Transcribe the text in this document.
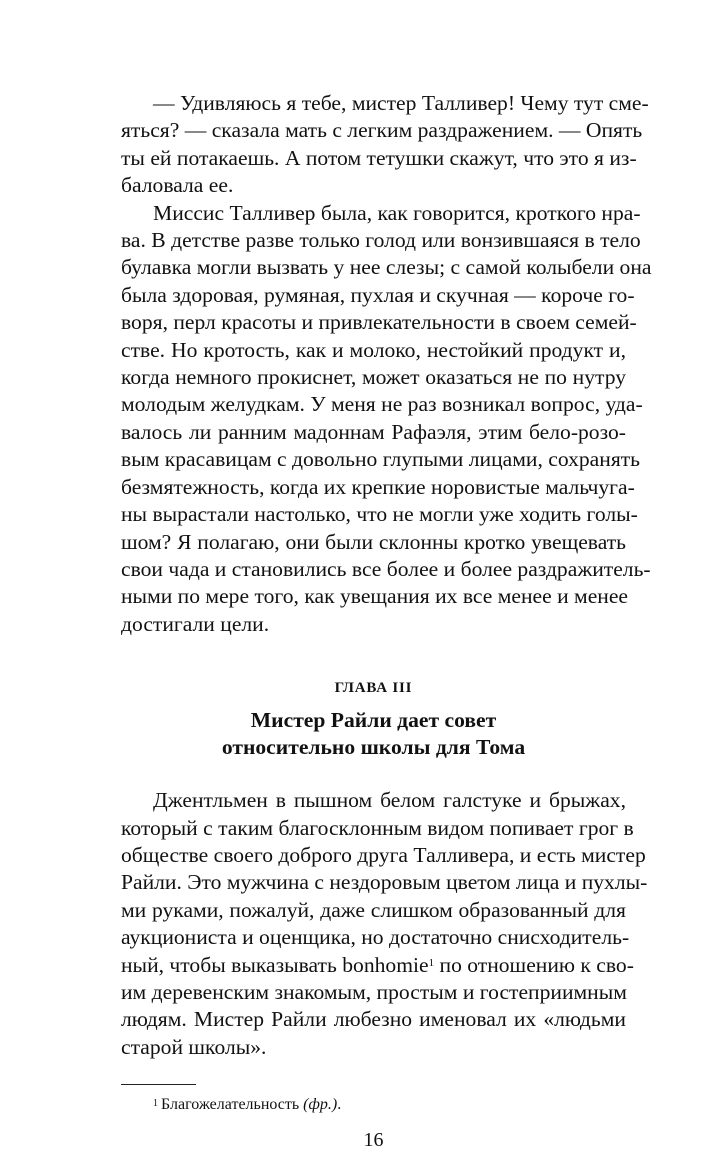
— Удивляюсь я тебе, мистер Талливер! Чему тут сме-
яться? — сказала мать с легким раздражением. — Опять
ты ей потакаешь. А потом тетушки скажут, что это я из-
баловала ее.
Миссис Талливер была, как говорится, кроткого нра-
ва. В детстве разве только голод или вонзившаяся в тело
булавка могли вызвать у нее слезы; с самой колыбели она
была здоровая, румяная, пухлая и скучная — короче го-
воря, перл красоты и привлекательности в своем семей-
стве. Но кротость, как и молоко, нестойкий продукт и,
когда немного прокиснет, может оказаться не по нутру
молодым желудкам. У меня не раз возникал вопрос, уда-
валось ли ранним мадоннам Рафаэля, этим бело-розо-
вым красавицам с довольно глупыми лицами, сохранять
безмятежность, когда их крепкие норовистые мальчуга-
ны вырастали настолько, что не могли уже ходить голы-
шом? Я полагаю, они были склонны кротко увещевать
свои чада и становились все более и более раздражитель-
ными по мере того, как увещания их все менее и менее
достигали цели.
ГЛАВА III
Мистер Райли дает совет
относительно школы для Тома
Джентльмен в пышном белом галстуке и брыжах,
который с таким благосклонным видом попивает грог в
обществе своего доброго друга Талливера, и есть мистер
Райли. Это мужчина с нездоровым цветом лица и пухлы-
ми руками, пожалуй, даже слишком образованный для
аукциониста и оценщика, но достаточно снисходитель-
ный, чтобы выказывать bonhomie$^1$ по отношению к сво-
им деревенским знакомым, простым и гостеприимным
людям. Мистер Райли любезно именовал их «людьми
старой школы».
$^1$ Благожелательность (фр.).
16
